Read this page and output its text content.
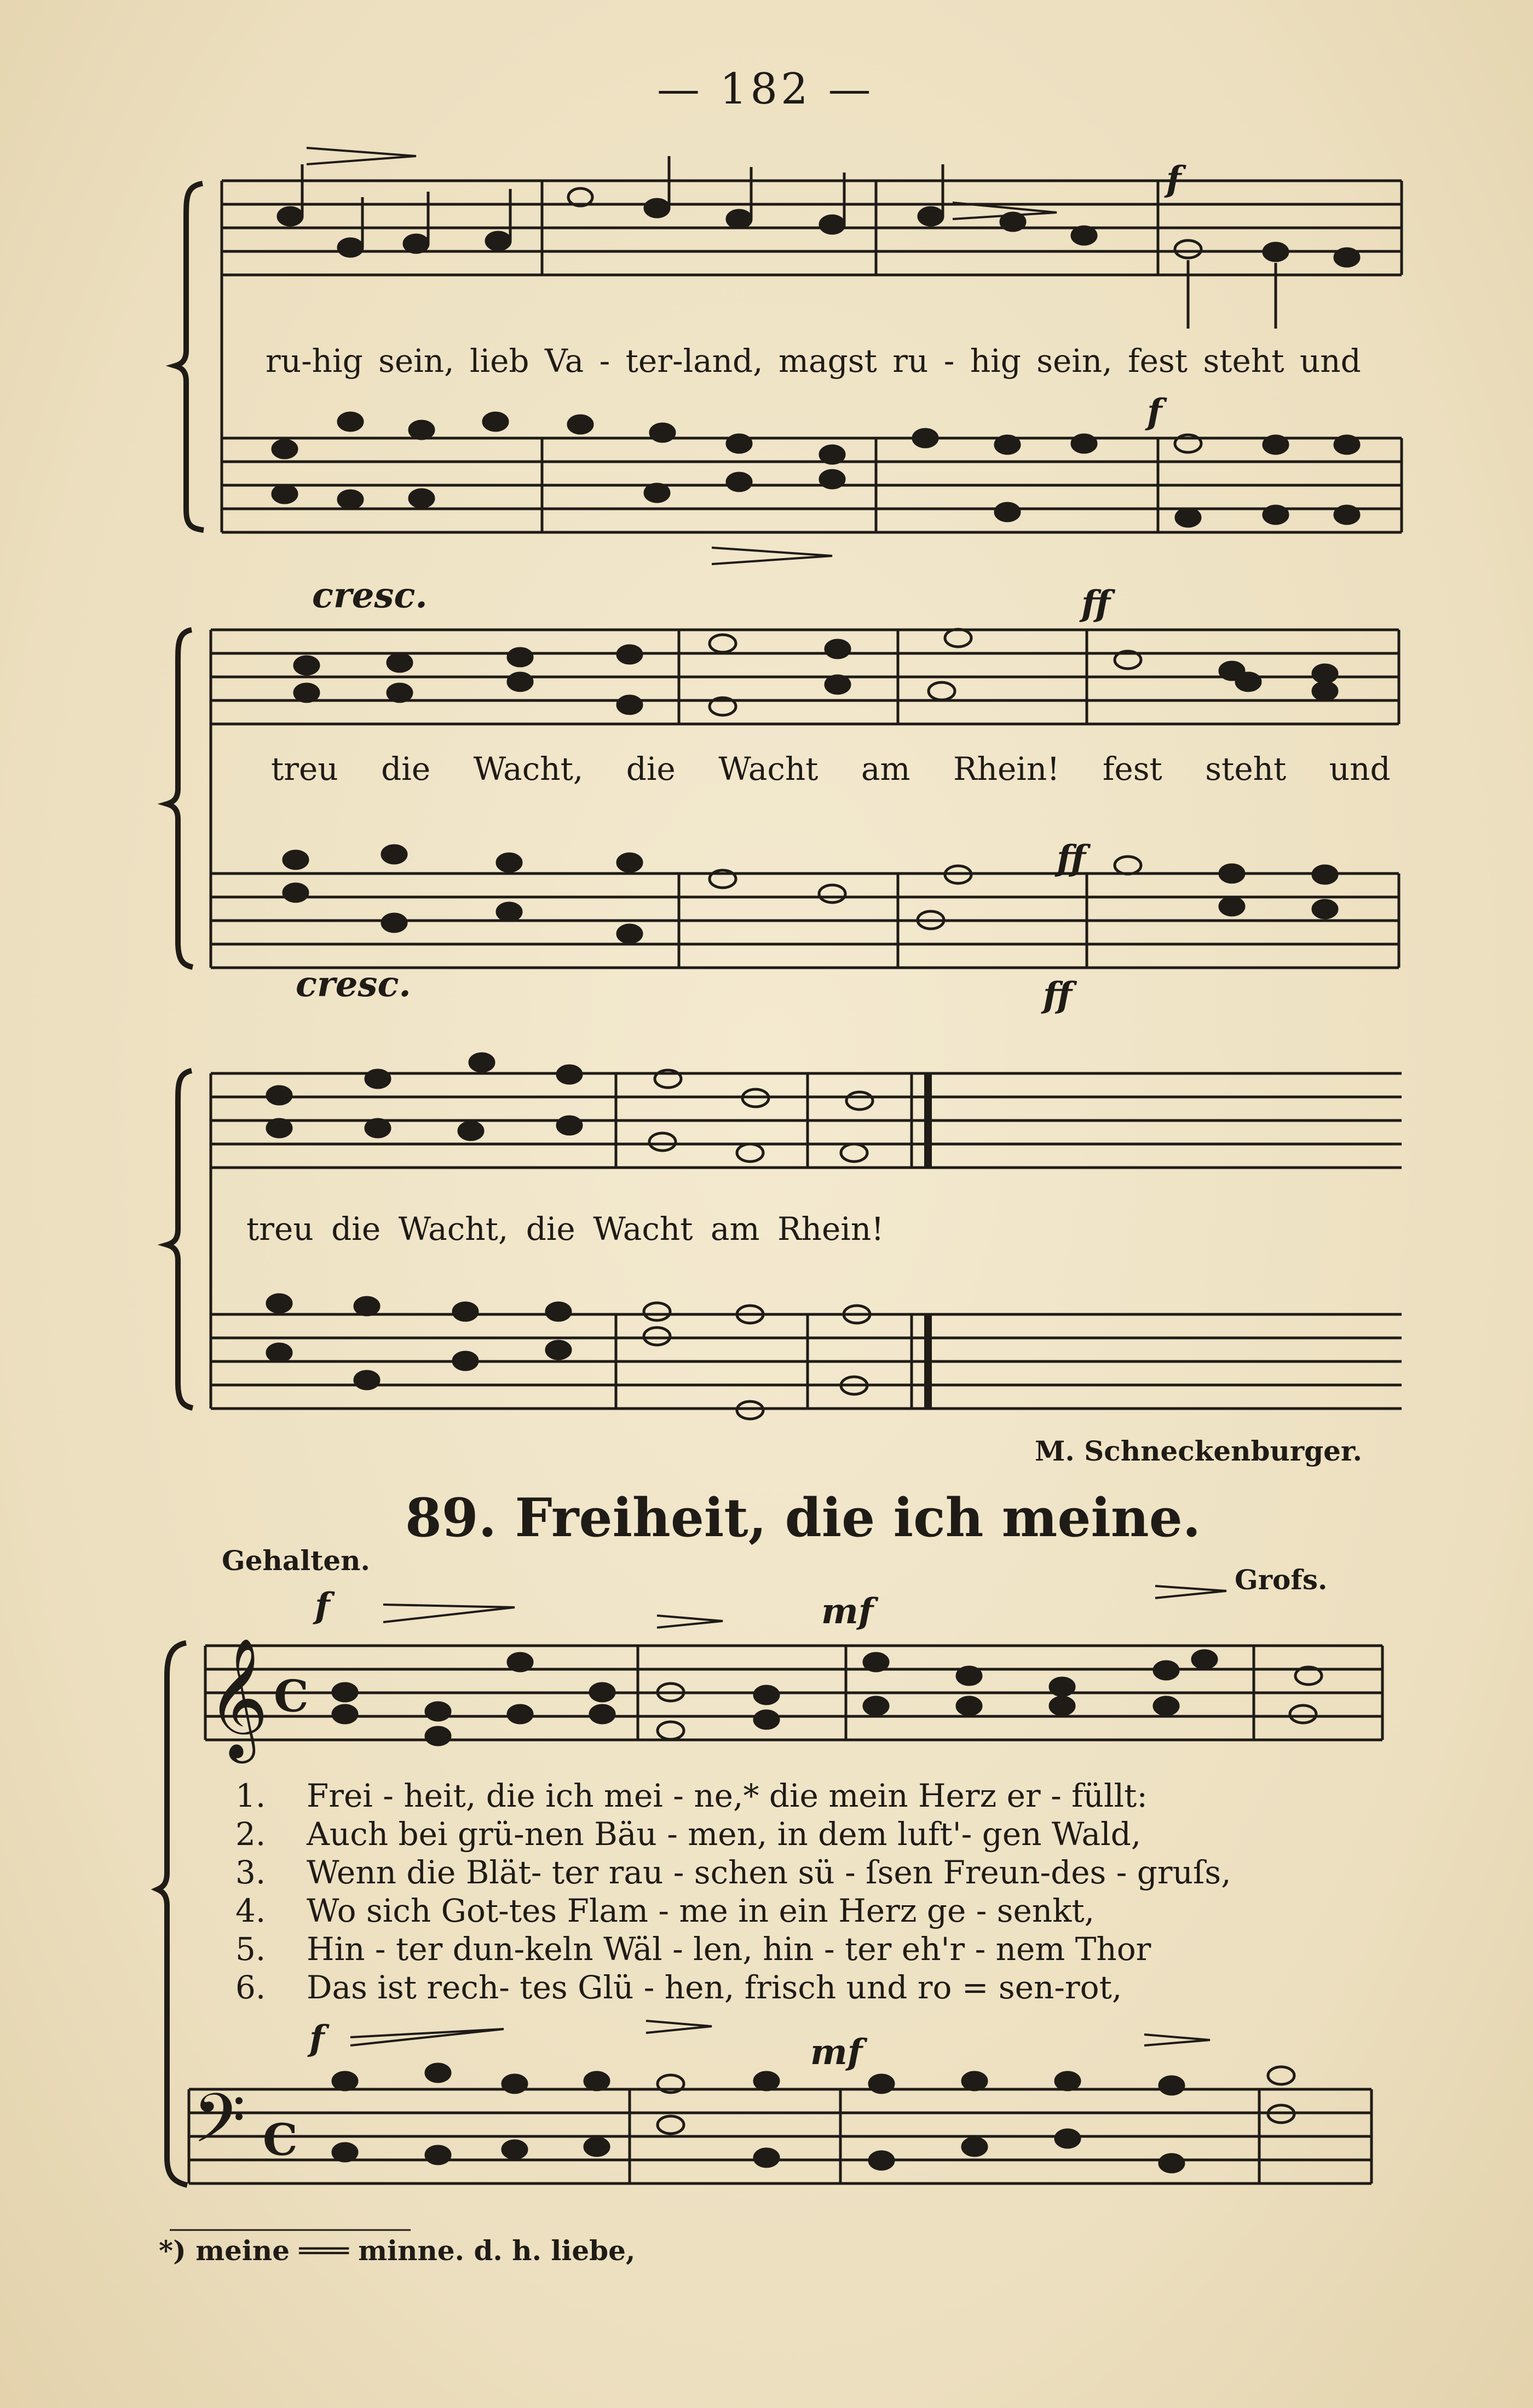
— 182 —
𝄞 C
𝄢 C
f
ru-hig sein, lieb Va - ter-land, magst ru - hig sein, fest steht und
f
cresc.	ff
treu die Wacht, die Wacht am Rhein! fest steht und
ff
cresc.	ff
treu die Wacht, die Wacht am Rhein!
M. Schneckenburger.
89. Freiheit, die ich meine.
Gehalten.
Grofs.
f	mf
1. Frei - heit, die ich mei - ne,* die mein Herz er - füllt:
2. Auch bei grü-nen Bäu - men, in dem luft'- gen Wald,
3. Wenn die Blät- ter rau - schen sü - ſsen Freun-des - gruſs,
4. Wo sich Got-tes Flam - me in ein Herz ge - senkt,
5. Hin - ter dun-keln Wäl - len, hin - ter eh'r - nem Thor
6. Das ist rech- tes Glü - hen, frisch und ro = sen-rot,
f	mf
*) meine ═══ minne. d. h. liebe,
